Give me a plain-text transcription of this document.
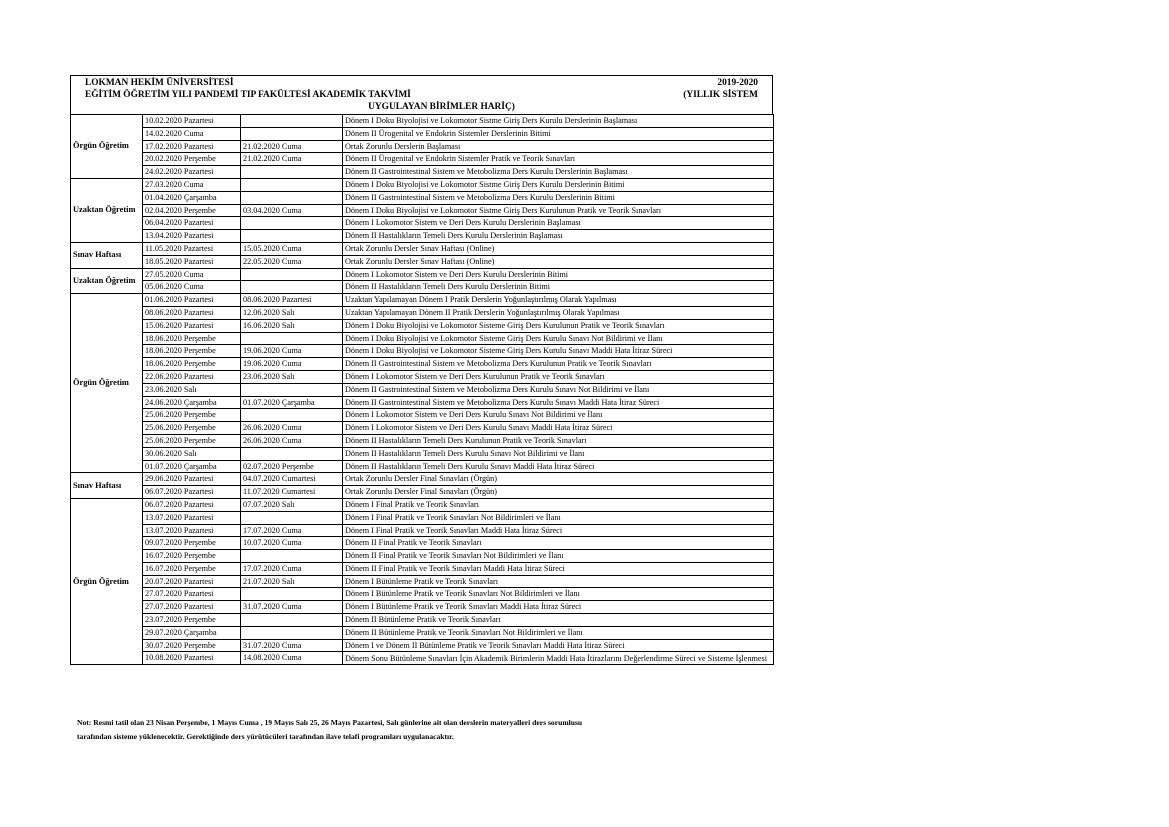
LOKMAN HEKİM ÜNİVERSİTESİ	2019-2020
EĞİTİM ÖĞRETİM YILI PANDEMİ TIP FAKÜLTESİ AKADEMİK TAKVİMİ	(YILLIK SİSTEM
UYGULAYAN BİRİMLER HARİÇ)
Örgün Öğretim	10.02.2020 Pazartesi		Dönem I Doku Biyolojisi ve Lokomotor Sistme Giriş Ders Kurulu Derslerinin Başlaması
	14.02.2020 Cuma		Dönem II Ürogenital ve Endokrin Sistemler Derslerinin Bitimi
	17.02.2020 Pazartesi	21.02.2020 Cuma	Ortak Zorunlu Derslerin Başlaması
	20.02.2020 Perşembe	21.02.2020 Cuma	Dönem II Ürogenital ve Endokrin Sistemler Pratik ve Teorik Sınavları
	24.02.2020 Pazartesi		Dönem II Gastrointestinal Sistem ve Metobolizma Ders Kurulu Derslerinin Başlaması
Uzaktan Öğretim	27.03.2020 Cuma		Dönem I Doku Biyolojisi ve Lokomotor Sistme Giriş Ders Kurulu Derslerinin Bitimi
	01.04.2020 Çarşamba		Dönem II Gastrointestinal Sistem ve Metobolizma Ders Kurulu Derslerinin Bitimi
	02.04.2020 Perşembe	03.04.2020 Cuma	Dönem I Doku Biyolojisi ve Lokomotor Sistme Giriş Ders Kurulunun Pratik ve Teorik Sınavları
	06.04.2020 Pazartesi		Dönem I Lokomotor Sistem ve Deri Ders Kurulu Derslerinin Başlaması
	13.04.2020 Pazartesi		Dönem II Hastalıkların Temeli Ders Kurulu Derslerinin Başlaması
Sınav Haftası	11.05.2020 Pazartesi	15.05.2020 Cuma	Ortak Zorunlu Dersler Sınav Haftası (Online)
	18.05.2020 Pazartesi	22.05.2020 Cuma	Ortak Zorunlu Dersler Sınav Haftası (Online)
Uzaktan Öğretim	27.05.2020 Cuma		Dönem I Lokomotor Sistem ve Deri Ders Kurulu Derslerinin Bitimi
	05.06.2020 Cuma		Dönem II Hastalıkların Temeli Ders Kurulu Derslerinin Bitimi
Örgün Öğretim	01.06.2020 Pazartesi	08.06.2020 Pazartesi	Uzaktan Yapılamayan Dönem I Pratik Derslerin Yoğunlaştırılmış Olarak Yapılması
	08.06.2020 Pazartesi	12.06.2020 Salı	Uzaktan Yapılamayan Dönem II Pratik Derslerin Yoğunlaştırılmış Olarak Yapılması
	15.06.2020 Pazartesi	16.06.2020 Salı	Dönem I Doku Biyolojisi ve Lokomotor Sisteme Giriş Ders Kurulunun Pratik ve Teorik Sınavları
	18.06.2020 Perşembe		Dönem I Doku Biyolojisi ve Lokomotor Sisteme Giriş Ders Kurulu Sınavı Not Bildirimi ve İlanı
	18.06.2020 Perşembe	19.06.2020 Cuma	Dönem I Doku Biyolojisi ve Lokomotor Sisteme Giriş Ders Kurulu Sınavı Maddi Hata İtiraz Süreci
	18.06.2020 Perşembe	19.06.2020 Cuma	Dönem II Gastrointestinal Sistem ve Metobolizma Ders Kurulunun Pratik ve Teorik Sınavları
	22.06.2020 Pazartesi	23.06.2020 Salı	Dönem I Lokomotor Sistem ve Deri Ders Kurulunun Pratik ve Teorik Sınavları
	23.06.2020 Salı		Dönem II Gastrointestinal Sistem ve Metobolizma Ders Kurulu Sınavı Not Bildirimi ve İlanı
	24.06.2020 Çarşamba	01.07.2020 Çarşamba	Dönem II Gastrointestinal Sistem ve Metobolizma Ders Kurulu Sınavı Maddi Hata İtiraz Süreci
	25.06.2020 Perşembe		Dönem I Lokomotor Sistem ve Deri Ders Kurulu Sınavı Not Bildirimi ve İlanı
	25.06.2020 Perşembe	26.06.2020 Cuma	Dönem I Lokomotor Sistem ve Deri Ders Kurulu Sınavı Maddi Hata İtiraz Süreci
	25.06.2020 Perşembe	26.06.2020 Cuma	Dönem II Hastalıkların Temeli Ders Kurulunun Pratik ve Teorik Sınavları
	30.06.2020 Salı		Dönem II Hastalıkların Temeli Ders Kurulu Sınavı Not Bildirimi ve İlanı
	01.07.2020 Çarşamba	02.07.2020 Perşembe	Dönem II Hastalıkların Temeli Ders Kurulu Sınavı Maddi Hata İtiraz Süreci
Sınav Haftası	29.06.2020 Pazartesi	04.07.2020 Cumartesi	Ortak Zorunlu Dersler Final Sınavları (Örgün)
	06.07.2020 Pazartesi	11.07.2020 Cumartesi	Ortak Zorunlu Dersler Final Sınavları (Örgün)
Örgün Öğretim	06.07.2020 Pazartesi	07.07.2020 Salı	Dönem I Final Pratik ve Teorik Sınavları
	13.07.2020 Pazartesi		Dönem I Final Pratik ve Teorik Sınavları Not Bildirimleri ve İlanı
	13.07.2020 Pazartesi	17.07.2020 Cuma	Dönem I Final Pratik ve Teorik Sınavları Maddi Hata İtiraz Süreci
	09.07.2020 Perşembe	10.07.2020 Cuma	Dönem II Final Pratik ve Teorik Sınavları
	16.07.2020 Perşembe		Dönem II Final Pratik ve Teorik Sınavları Not Bildirimleri ve İlanı
	16.07.2020 Perşembe	17.07.2020 Cuma	Dönem II Final Pratik ve Teorik Sınavları Maddi Hata İtiraz Süreci
	20.07.2020 Pazartesi	21.07.2020 Salı	Dönem I Bütünleme Pratik ve Teorik Sınavları
	27.07.2020 Pazartesi		Dönem I Bütünleme Pratik ve Teorik Sınavları Not Bildirimleri ve İlanı
	27.07.2020 Pazartesi	31.07.2020 Cuma	Dönem I Bütünleme Pratik ve Teorik Sınavları Maddi Hata İtiraz Süreci
	23.07.2020 Perşembe		Dönem II Bütünleme Pratik ve Teorik Sınavları
	29.07.2020 Çarşamba		Dönem II Bütünleme Pratik ve Teorik Sınavları Not Bildirimleri ve İlanı
	30.07.2020 Perşembe	31.07.2020 Cuma	Dönem I ve Dönem II Bütünleme Pratik ve Teorik Sınavları Maddi Hata İtiraz Süreci
	10.08.2020 Pazartesi	14.08.2020 Cuma	Dönem Sonu Bütünleme Sınavları İçin Akademik Birimlerin Maddi Hata İtirazlarını Değerlendirme Süreci ve Sisteme İşlenmesi
Not: Resmi tatil olan 23 Nisan Perşembe, 1 Mayıs Cuma , 19 Mayıs Salı 25, 26 Mayıs Pazartesi, Salı günlerine ait olan derslerin materyalleri ders sorumlusu
tarafından sisteme yüklenecektir. Gerektiğinde ders yürütücüleri tarafından ilave telafi programları uygulanacaktır.
